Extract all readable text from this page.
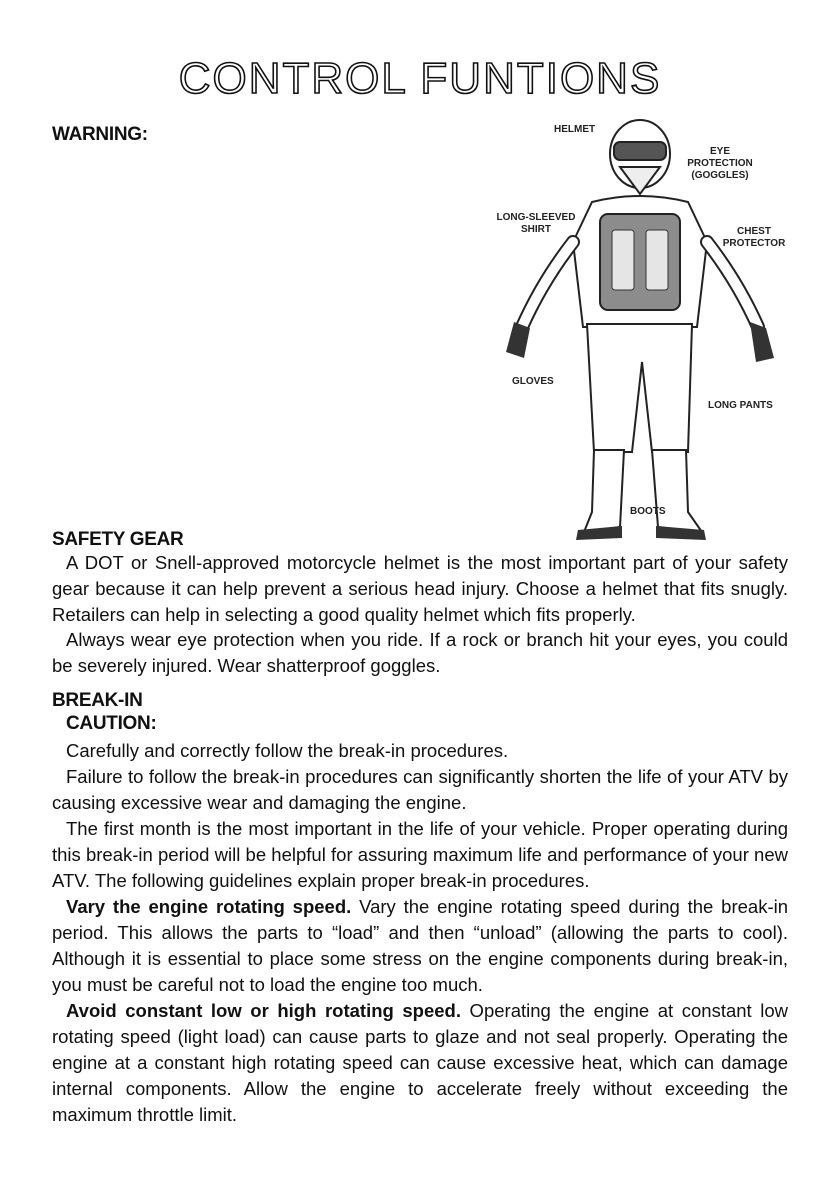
CONTROL FUNTIONS
WARNING:	HELMET
EYE
PROTECTION
(GOGGLES)
LONG-SLEEVED
SHIRT	CHEST
PROTECTOR
GLOVES
LONG PANTS
BOOTS
SAFETY GEAR

A DOT or Snell-approved motorcycle helmet is the most important part of your safety gear because it can help prevent a serious head injury. Choose a helmet that fits snugly. Retailers can help in selecting a good quality helmet which fits properly.

Always wear eye protection when you ride. If a rock or branch hit your eyes, you could be severely injured. Wear shatterproof goggles.

BREAK-IN
CAUTION:

Carefully and correctly follow the break-in procedures.

Failure to follow the break-in procedures can significantly shorten the life of your ATV by causing excessive wear and damaging the engine.

The first month is the most important in the life of your vehicle. Proper operating during this break-in period will be helpful for assuring maximum life and performance of your new ATV. The following guidelines explain proper break-in procedures.

Vary the engine rotating speed. Vary the engine rotating speed during the break-in period. This allows the parts to “load” and then “unload” (allowing the parts to cool). Although it is essential to place some stress on the engine components during break-in, you must be careful not to load the engine too much.

Avoid constant low or high rotating speed. Operating the engine at constant low rotating speed (light load) can cause parts to glaze and not seal properly. Operating the engine at a constant high rotating speed can cause excessive heat, which can damage internal components. Allow the engine to accelerate freely without exceeding the maximum throttle limit.
